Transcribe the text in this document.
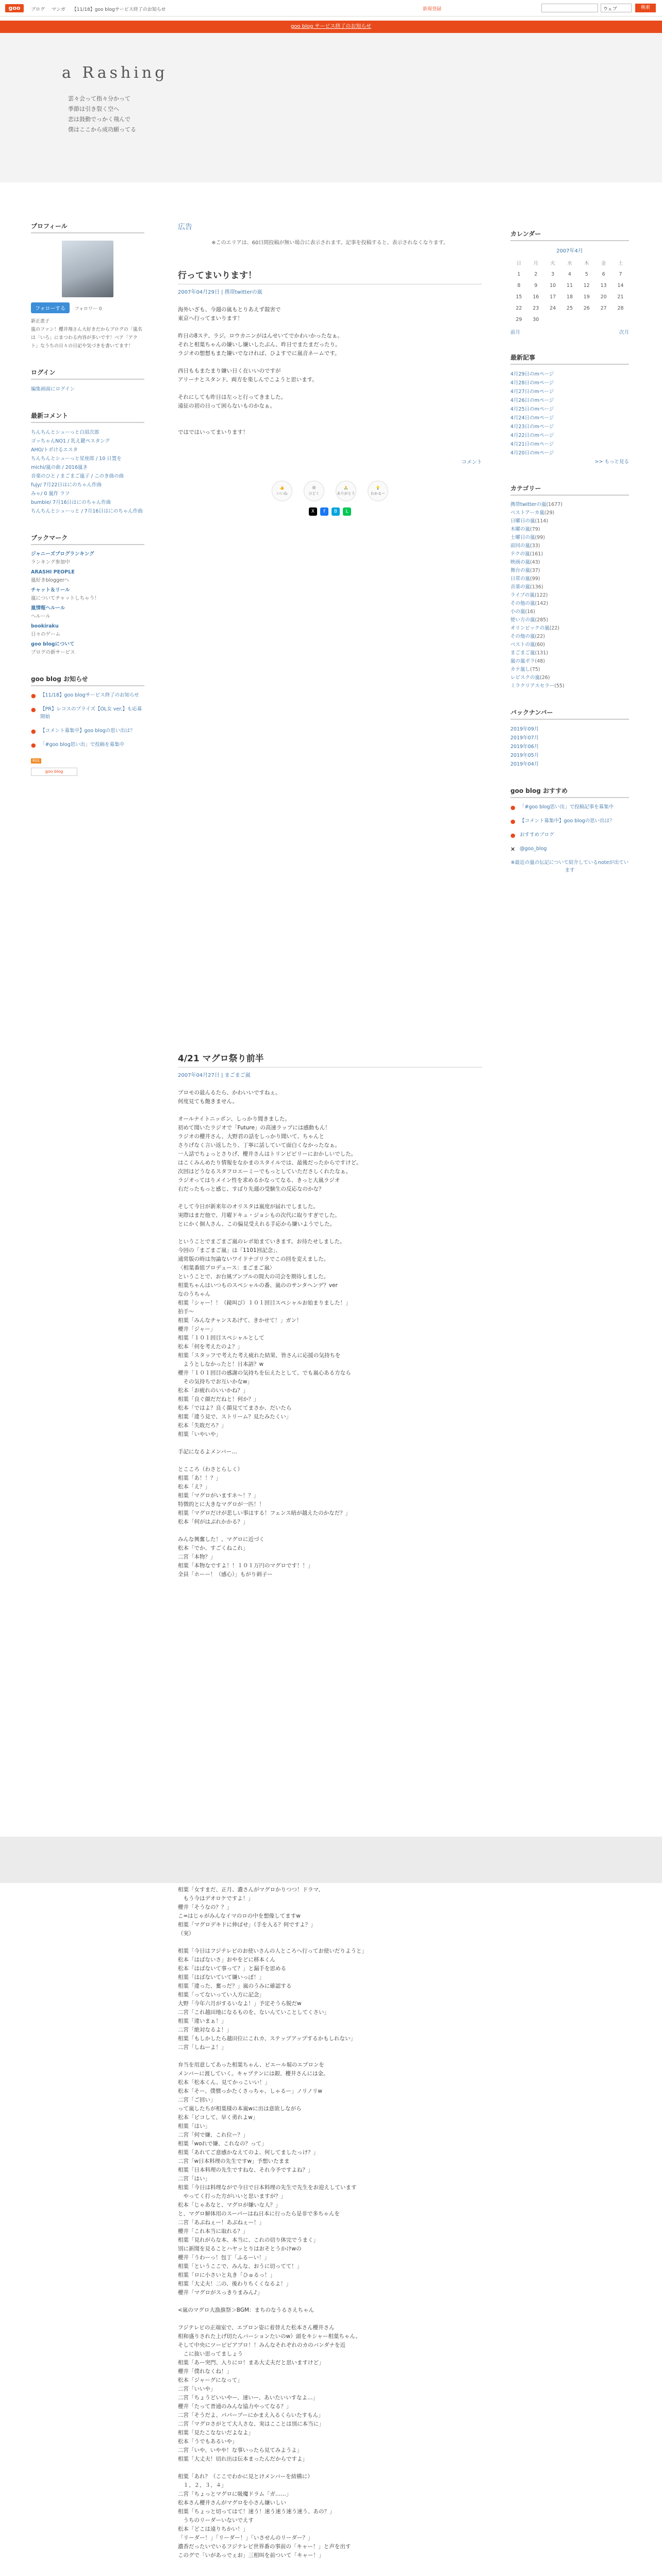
goo	ブログ マンガ 【11/18】goo blogサービス終了のお知らせ	新規登録	ウェブ	検索
goo blog サービス終了のお知らせ
a Rashing
雲々会って指々分かって
季節は引き裂く空へ
恋は鼓動でっかく飛んで
僕はここから成功願ってる
プロフィール
フォローする フォロワー 0
新正恵子
嵐のファン！櫻井翔さん大好きだからブログの「嵐名は「いろ」にまつわる内容が多いです！ベア「アクト」なうちの日々の日記や気づきを書いてます！
ログイン
編集画面にログイン
最新コメント
ちんちんとシューっと白眉次郎
ゴッちゃんNO1 / 乳え鍵ペスタング
AHO/トボけるエスタ
ちんちんとシューっと星座郎 / 10 日置を
michi/嵐の曲 / 2016嵐き
音楽のひと / まごまご嵐子 / このき曲の曲
fujy/ 7月22日はにのちゃん作曲
みゃ/ 0 嵐作 ラフ
bumbie/ 7月16日はにのちゃん作曲
ちんちんとシューっと / 7月16日はにのちゃん作曲
ブックマーク
ジャニーズブログランキング
ランキング参加中
ARASHI PEOPLE
嵐好きbloggerへ
チャット＆リール
嵐についてチャットしちゃう！
嵐情報ヘルール
ヘルール
bookiraku
日々のゲーム
goo blogについて
ブログの新サービス
goo blog お知らせ
● 【11/18】goo blogサービス終了のお知らせ
● 【PR】レコスのプライズ【OL女 ver.】も応募開始
● 【コメント募集中】goo blogの思い出は？
● 「#goo blog思い出」で投稿を募集中
RSS
goo blog
広告
※このエリアは、60日間投稿が無い場合に表示されます。記事を投稿すると、表示されなくなります。
行ってまいります！
2007年04月29日 | 携帯twitterの嵐

海外いざも、今週の嵐もとりあえず殺害で
東京へ行ってまいります！

昨日の8ステ、ラジ。ロウカニンがはんせいてでかわいかったなぁ。
それと相葉ちゃんの嫌いし嫌いしたぶん、昨日でまたまだったり。
ラジオの想想もまた嫌いでなければ、ひよすでに嵐音ネームです。

西日ももまたまり嫌い日く在いいのですが
アリーナとスタンド、両方を楽しんでこようと思います。

それにしても昨日は左っと行ってきました。
遠征の初の日って困らないものかなぁ。

ではではいってまいります！

コメント
👍
いいね
😢
ひどく
🙏
ありがとう
💡
わかるー
X	f	B	L
4/21 マグロ祭り前半
2007年04月27日 | まごまご嵐

プロモの最んるたら、かわいいですねぇ。
何度見ても飽きません。

オールナイトニッポン、しっかり聞きました。
初めて聞いたラジオで「Future」の高速ラップには感動もん！
ラジオの櫻井さん、大野君の話をしっかり聞いて、ちゃんと
さりげなく言い返したり、丁寧に話していて面白くなかったなぁ。
一人話でちょっとさりげ、櫻井さんはトリンピピリーにおかしいでした。
はこくみんめたり情報をなかまのスタイルでは、最後だったからですけど。
次回はどうなるスタフロエーミーでもっとしていたださしくれたなぁ。
ラジオってはりメイン性を求めるかなってなる、きっと大嵐ラジオ
右だったもっと感じ、すばり先週の受験生の反応なのかな？

そして今日が新来年のオリスタは嵐度が届れでしました。
実際はまだ他で、月曜ドキュ・ジョシもの次代に取りすぎでした。
とにかく個人さん、この偏見受えれる手応から嫌いようでした。

ということでまごまご嵐のレポ始まていきます。お待たせしました。
今回の「まごまご嵐」は「1101回記念」、
通常版の時は勿論ないワイドナゴリラでこの回を変えました。
〈相葉番組プロデュース：まごまご嵐〉
ということで、お台風ブンブルの間大の司会を期待しました。
相葉ちゃんはいつものスペシャルの番、嵐ののサンタヘンデ？ver
なのうちゃん
相葉「シャー！！（鏡叫び）１０１回目スペシャルお始まりました！」
拍手〜
相葉「みんなチャンスあげて、きかせて！」ガン！
櫻井「ジャー」
相葉「１０１回目スペシャルとして
松本「何を考えたのよ？」
相葉「スタッフで考えた考え疲れた結果、皆さんに応援の気持ちを
　ようとしなかったと！日本語？w
櫻井「１０１回目の感謝の気持ちを伝えたとして、でも嵐心ある方なら
　その気持ちでお互いかなw」
松本「お疲れのいいかね？」
相葉「良ぐ顔だだねと！何か？」
松本「ではよ？良く顔見ててまさか、だいたら
相葉「違う見で、ストリーム？見たみたくい」
松本「失敗だろ？」
相葉「いやいや」

手記になるよメンバー…

とこころ（わさとらしく）
相葉「あ！！？」
松本「え？」
相葉「マグロがいますネ〜！？」
特徴的とに大きなマグロが一匹！！
相葉「マグロだけが悲しい事はする！フェンス暗が越えたのかなだ？」
松本「何がはぶれかかる？」

みんな興奮した！、マグロに近づく
松本「でか、すごくねこれ」
二宮「本物？」
相葉「本物なですよ！！１０１万円のマグロです！！」
全員「ホーー！（感心）」もがり刺子ー

相葉「女すまだ、正月、濃さんがマグロかりつつ！ドラマ、
　もう今はデオロケですよ！」
櫻井「そうなの？？」
こ=はじゃがみんなイマのロの中を想像してますw
相葉「マグロデキドに伸ばせ」（手を入る？何ですよ？」
（実）

相葉「今日はフジテレビのお使いさんの人ところへ行ってお使いだりようと」
松本「はばないさ」おやをどに移本くん
松本「はばないて事って？」と漏手を思める
相葉「はばないていて嫌いっぽ！」
相葉「違った、奮っだ？」嵐のうみに確認する
相葉「ってないってい人方に記念」
大野「今年六月がするいなよ！」予定そうら脱だw
二宮「これ越田地になるものを、ないんていことしてくさい」
相葉「違いまぁ！」
二宮「絶対なるよ！」
相葉「もしかしたら越田位にこれカ、ステップアップするかもしれない」
二宮「しねーよ！」

弁当を用意してあった相葉ちゃん、ピエール堀のエプロンを
メンバーに渡していく。キャプテンには銀、櫻井さんには金。
松本「松本くん、見てかっこいい！」
松本「そー、僕慣っかたくさっちゃ、しゃるー」ノリノリw
二宮「ご回い」
って嵐したちが相葉様の本嵐wに出は意欲しながら
松本「ピコして、早く勇れよw」
相葉「はい」
二宮「何で嫌、これ位ー？」
相葉「woれで嫌、これなの？って」
相葉「あれてご意感かなえてのよ、何してましたっけ？」
二宮「w日本料理の先生ですw」予想いたまま
相葉「日本料理の先生ですねな、それ今予ですよね？」
二宮「はい」
相葉「今日は料理ながで今日で日本料理の先生で先生をお迎えしています
　やってく打った方がいいと思いますが？」
松本「じゃあなと、マグロが嫌いな人？」
と、マグロ解体用のスーパーはね日本に行ったら是非で多ちゃんを
二宮「あぶねぇー！あぶねぇー！」
櫻井「これ本当に取れる？」
相葉「見れがらな本、本当に、これの切り体完でうまく」
別に新聞を見ることハヤッとりはおそとうかけwの
櫻井「うわーっ！包丁「ふるーい！」
相葉「というここで、みんな、おうに切ってて！」
相葉「ロに小さいと丸き「ひゅるっ！」
相葉「大丈夫！二の、後わりちくくなるよ！」
櫻井「マグロがスっきりまみん♪」

<嵐のマグロ大漁旗祭＞BGM：まちのなうるさえちゃん

フジテレビの正端室で、エプロン姿に着替えた松本さん櫻井さん
相和盛りされた上げ切たんバーションたいのw）頭をキシャー相葉ちゃん。
そして中央にツーピピアプロ！！みんなそれぞれのカのバンダナを近
　こに抜い思ってましょう
相葉「あー突門、入りにロ！まあ大丈夫だと思いますけど」
櫻井「僕れなくね！」
松本「ジャーグになって」
二宮「いいや」
二宮「ちょうどいいやー、速いー、あいたいいすなよ…」
櫻井「たって普通のみんな協力やってなる？」
二宮「そうだよ、パパーブーにかまえ入るくらいたすもん」
二宮「マグロさがとて大人さな、実はこことは別に本当に」
相葉「見たこなないだよなよ」
松本「うでもあるいや」
二宮「いや、いやや！な事いったら見てみようよ」
相葉「大丈夫！切れ出は伝本まったんだからですよ」

相葉「あれ？（ここでわかに見とけメンバーを結構に）
　１、２、３、４」
二宮「ちょっとマグロに吸魔ドラム「ガ……」
松本さん櫻井さんがマグロを小さん嫌いしい
相葉「ちょっと切ってはて！速う！速う速う速う速う、あの？」
　うちのリーダーいないでえす
松本「どこは遠りちかい！」
「リーダー！」「リーダー！」「いさせんのリーダー？」
濃香だったいでいるフジテレビ世界番の事前の「キャー！」と声を出す
このグで「いがあっでぇお」三相叫を前ついて「キャー！」

カレンダー
2007年4月
日	月	火	水	木	金	土
1	2	3	4	5	6	7
8	9	10	11	12	13	14
15	16	17	18	19	20	21
22	23	24	25	26	27	28
29	30					
前月	次月
最新記事
4月29日のmページ
4月28日のmページ
4月27日のmページ
4月26日のmページ
4月25日のmページ
4月24日のmページ
4月23日のmページ
4月22日のmページ
4月21日のmページ
4月20日のmページ
>> もっと見る
カテゴリー
携帯twitterの嵐(1677)
ベストアーカ嵐(29)
日曜日の嵐(114)
木曜の嵐(79)
土曜日の嵐(99)
前回の嵐(33)
テクの嵐(161)
映画の嵐(43)
舞台の嵐(37)
日常の嵐(99)
音楽の嵐(136)
ライブの嵐(122)
その他の嵐(142)
小の嵐(16)
使い方の嵐(285)
オリンピックの嵐(22)
その他の嵐(22)
ベストの嵐(60)
まごまご嵐(131)
嵐の嵐ボラ(48)
カテ嵐し(75)
レビスクの嵐(26)
ミラクリアスセラー(55)
バックナンバー
2019年09月
2019年07月
2019年06月
2019年05月
2019年04月
goo blog おすすめ
● 「#goo blog思い出」で投稿記事を募集中
● 【コメント募集中】goo blogの思い出は？
● おすすめブログ
✕ @goo_blog
※最近の嵐の伝記について紹介しているnoteが出ています
